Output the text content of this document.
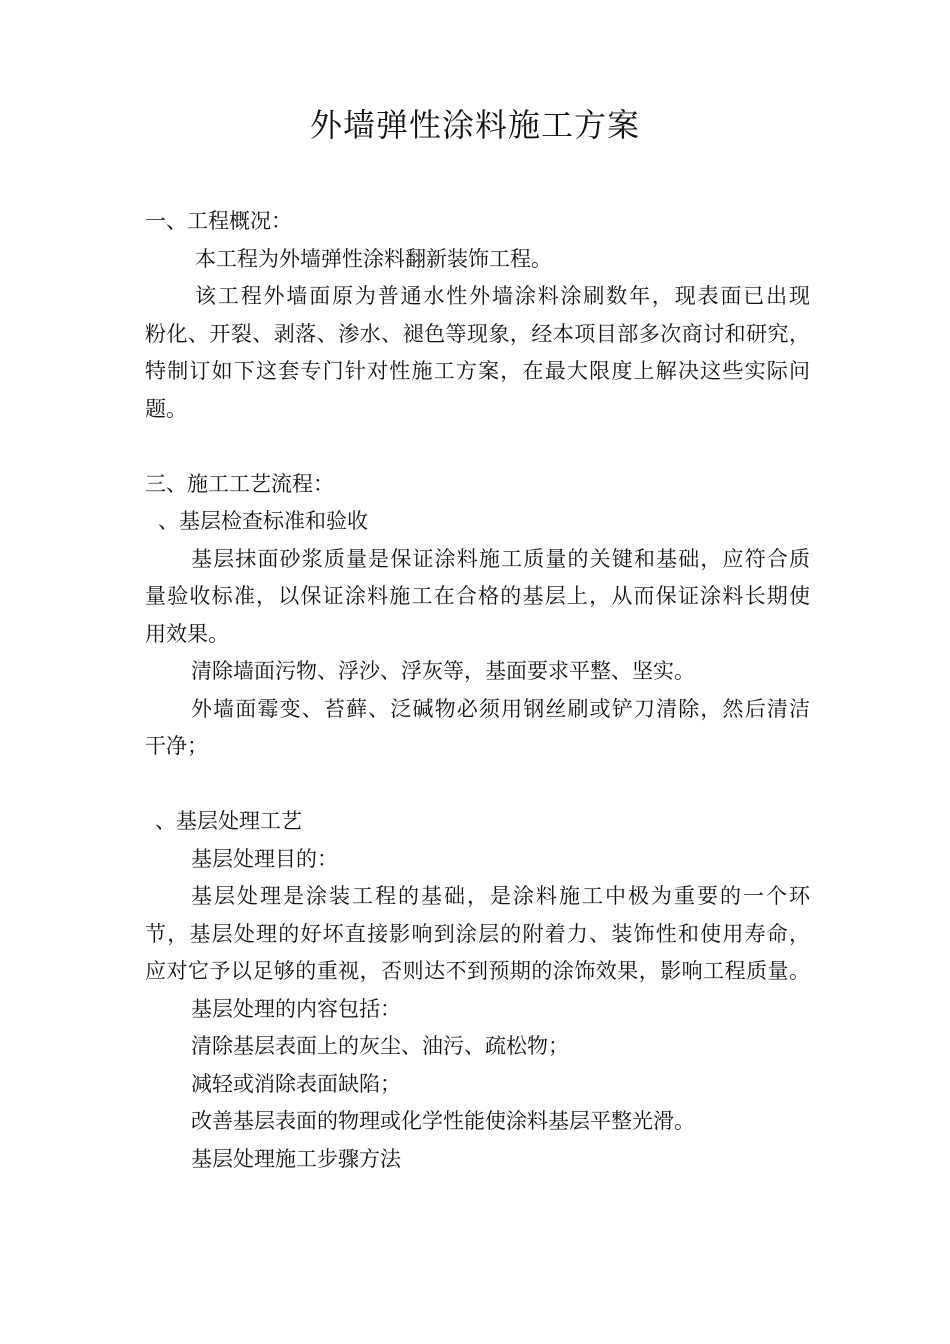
外墙弹性涂料施工方案
一、工程概况：
本工程为外墙弹性涂料翻新装饰工程。
该工程外墙面原为普通水性外墙涂料涂刷数年，现表面已出现
粉化、开裂、剥落、渗水、褪色等现象，经本项目部多次商讨和研究，
特制订如下这套专门针对性施工方案，在最大限度上解决这些实际问
题。
三、施工工艺流程：
、基层检查标准和验收
基层抹面砂浆质量是保证涂料施工质量的关键和基础，应符合质
量验收标准，以保证涂料施工在合格的基层上，从而保证涂料长期使
用效果。
清除墙面污物、浮沙、浮灰等，基面要求平整、坚实。
外墙面霉变、苔藓、泛碱物必须用钢丝刷或铲刀清除，然后清洁
干净；
、基层处理工艺
基层处理目的：
基层处理是涂装工程的基础，是涂料施工中极为重要的一个环
节，基层处理的好坏直接影响到涂层的附着力、装饰性和使用寿命，
应对它予以足够的重视，否则达不到预期的涂饰效果，影响工程质量。
基层处理的内容包括：
清除基层表面上的灰尘、油污、疏松物；
减轻或消除表面缺陷；
改善基层表面的物理或化学性能使涂料基层平整光滑。
基层处理施工步骤方法
